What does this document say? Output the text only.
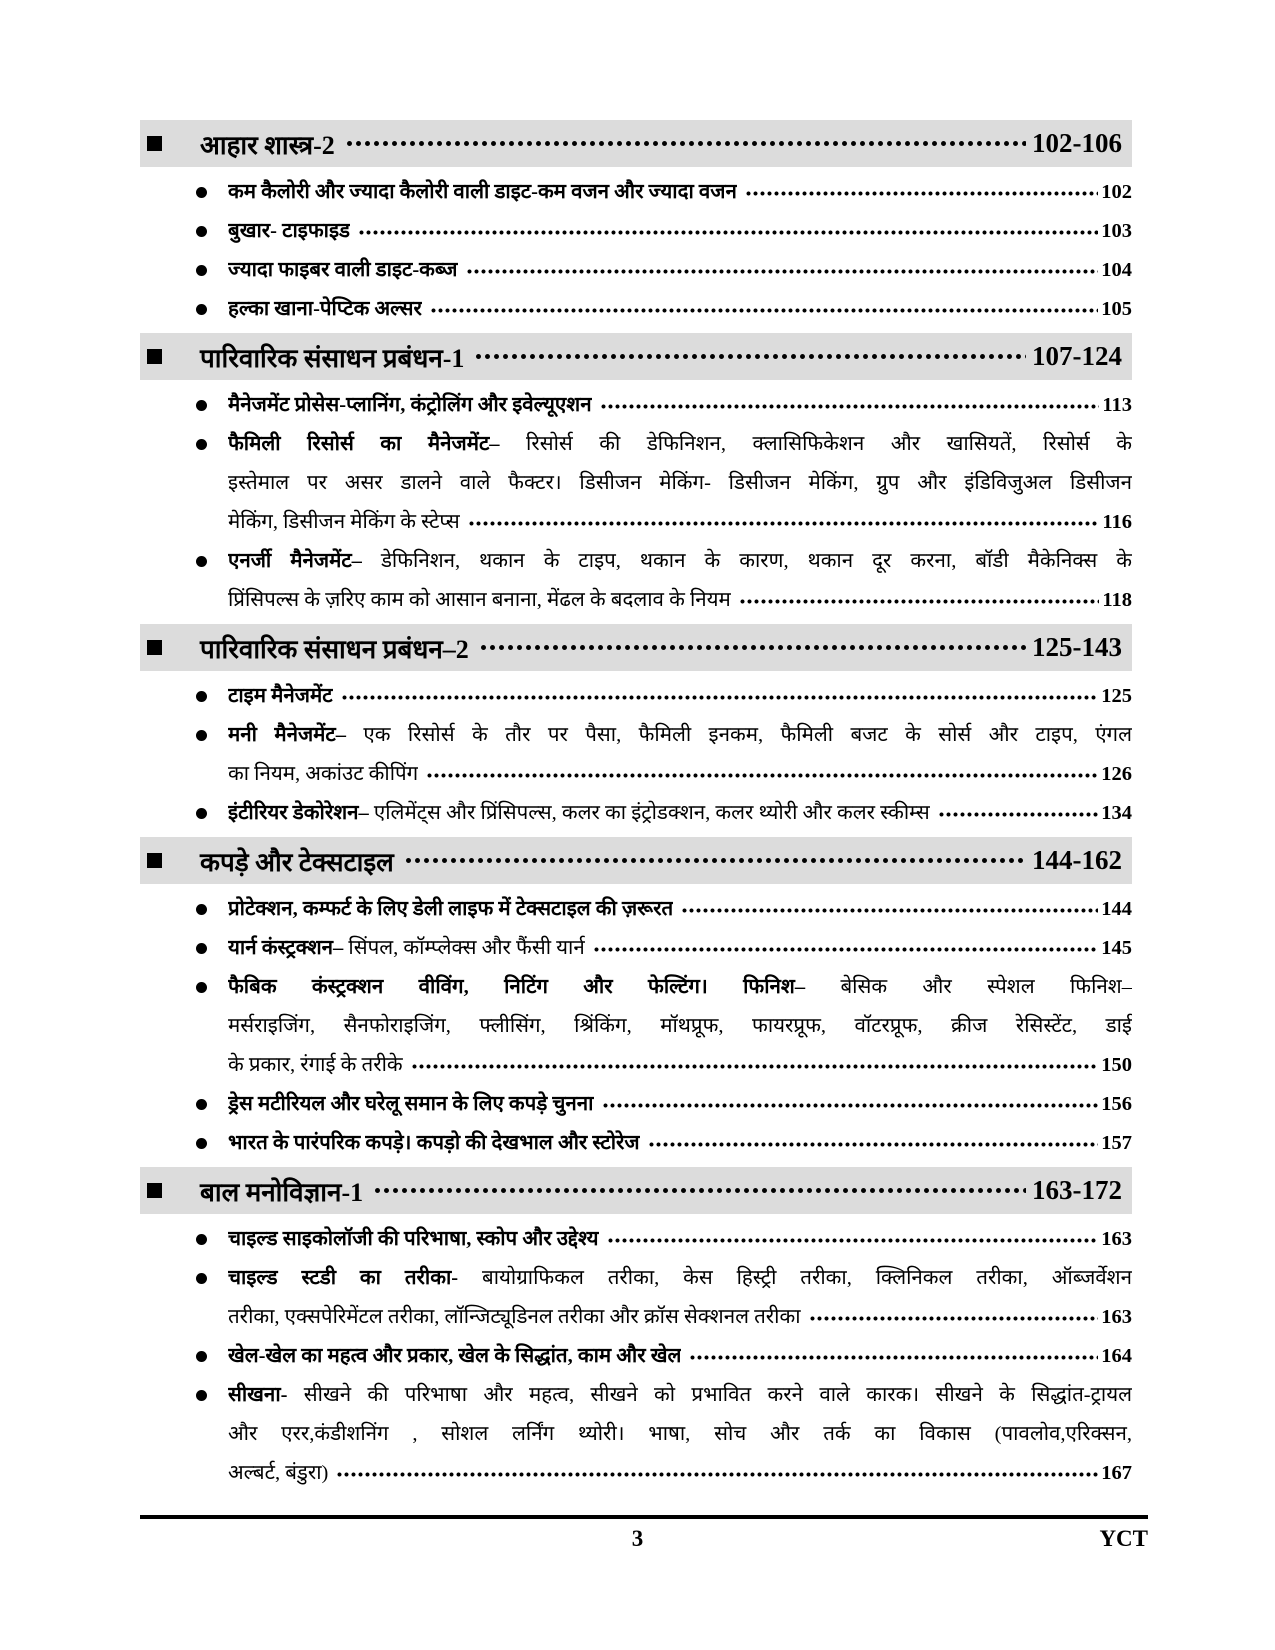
आहार शास्त्र-2	102-106
कम कैलोरी और ज्यादा कैलोरी वाली डाइट-कम वजन और ज्यादा वजन	102
बुखार- टाइफाइड	103
ज्यादा फाइबर वाली डाइट-कब्ज	104
हल्का खाना-पेप्टिक अल्सर	105
पारिवारिक संसाधन प्रबंधन-1	107-124
मैनेजमेंट प्रोसेस-प्लानिंग, कंट्रोलिंग और इवेल्यूएशन	113
फैमिली रिसोर्स का मैनेजमेंट– रिसोर्स की डेफिनिशन, क्लासिफिकेशन और खासियतें, रिसोर्स के
इस्तेमाल पर असर डालने वाले फैक्टर। डिसीजन मेकिंग- डिसीजन मेकिंग, ग्रुप और इंडिविजुअल डिसीजन
मेकिंग, डिसीजन मेकिंग के स्टेप्स	116
एनर्जी मैनेजमेंट– डेफिनिशन, थकान के टाइप, थकान के कारण, थकान दूर करना, बॉडी मैकेनिक्स के
प्रिंसिपल्स के ज़रिए काम को आसान बनाना, मेंढल के बदलाव के नियम	118
पारिवारिक संसाधन प्रबंधन–2	125-143
टाइम मैनेजमेंट	125
मनी मैनेजमेंट– एक रिसोर्स के तौर पर पैसा, फैमिली इनकम, फैमिली बजट के सोर्स और टाइप, एंगल
का नियम, अकांउट कीपिंग	126
इंटीरियर डेकोरेशन– एलिमेंट्स और प्रिंसिपल्स, कलर का इंट्रोडक्शन, कलर थ्योरी और कलर स्कीम्स	134
कपड़े और टेक्सटाइल	144-162
प्रोटेक्शन, कम्फर्ट के लिए डेली लाइफ में टेक्सटाइल की ज़रूरत	144
यार्न कंस्ट्रक्शन– सिंपल, कॉम्प्लेक्स और फैंसी यार्न	145
फैबिक कंस्ट्रक्शन वीविंग, निटिंग और फेल्टिंग। फिनिश– बेसिक और स्पेशल फिनिश–
मर्सराइजिंग, सैनफोराइजिंग, फ्लीसिंग, श्रिंकिंग, मॉथप्रूफ, फायरप्रूफ, वॉटरप्रूफ, क्रीज रेसिस्टेंट, डाई
के प्रकार, रंगाई के तरीके	150
ड्रेस मटीरियल और घरेलू समान के लिए कपड़े चुनना	156
भारत के पारंपरिक कपड़े। कपड़ो की देखभाल और स्टोरेज	157
बाल मनोविज्ञान-1	163-172
चाइल्ड साइकोलॉजी की परिभाषा, स्कोप और उद्देश्य	163
चाइल्ड स्टडी का तरीका- बायोग्राफिकल तरीका, केस हिस्ट्री तरीका, क्लिनिकल तरीका, ऑब्जर्वेशन
तरीका, एक्सपेरिमेंटल तरीका, लॉन्जिट्यूडिनल तरीका और क्रॉस सेक्शनल तरीका	163
खेल-खेल का महत्व और प्रकार, खेल के सिद्धांत, काम और खेल	164
सीखना- सीखने की परिभाषा और महत्व, सीखने को प्रभावित करने वाले कारक। सीखने के सिद्धांत-ट्रायल
और एरर,कंडीशनिंग , सोशल लर्निंग थ्योरी। भाषा, सोच और तर्क का विकास (पावलोव,एरिक्सन,
अल्बर्ट, बंडुरा)	167
3	YCT
